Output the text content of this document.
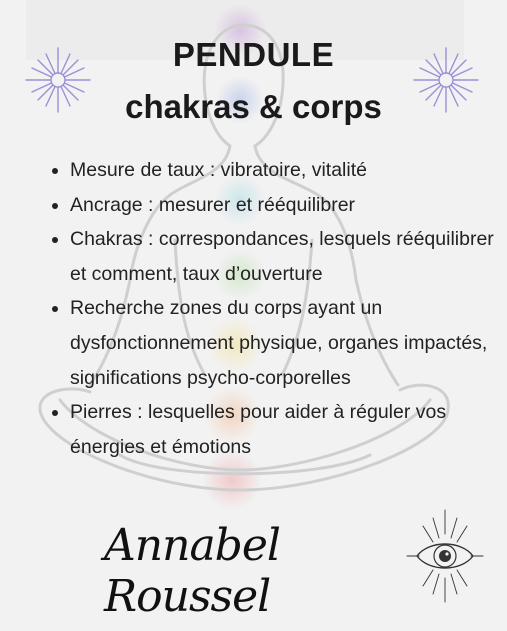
PENDULE
chakras & corps
• Mesure de taux : vibratoire, vitalité
• Ancrage : mesurer et rééquilibrer
• Chakras : correspondances, lesquels rééquilibrer et comment, taux d’ouverture
• Recherche zones du corps ayant un dysfonctionnement physique, organes impactés, significations psycho-corporelles
• Pierres : lesquelles pour aider à réguler vos énergies et émotions
Annabel Roussel
